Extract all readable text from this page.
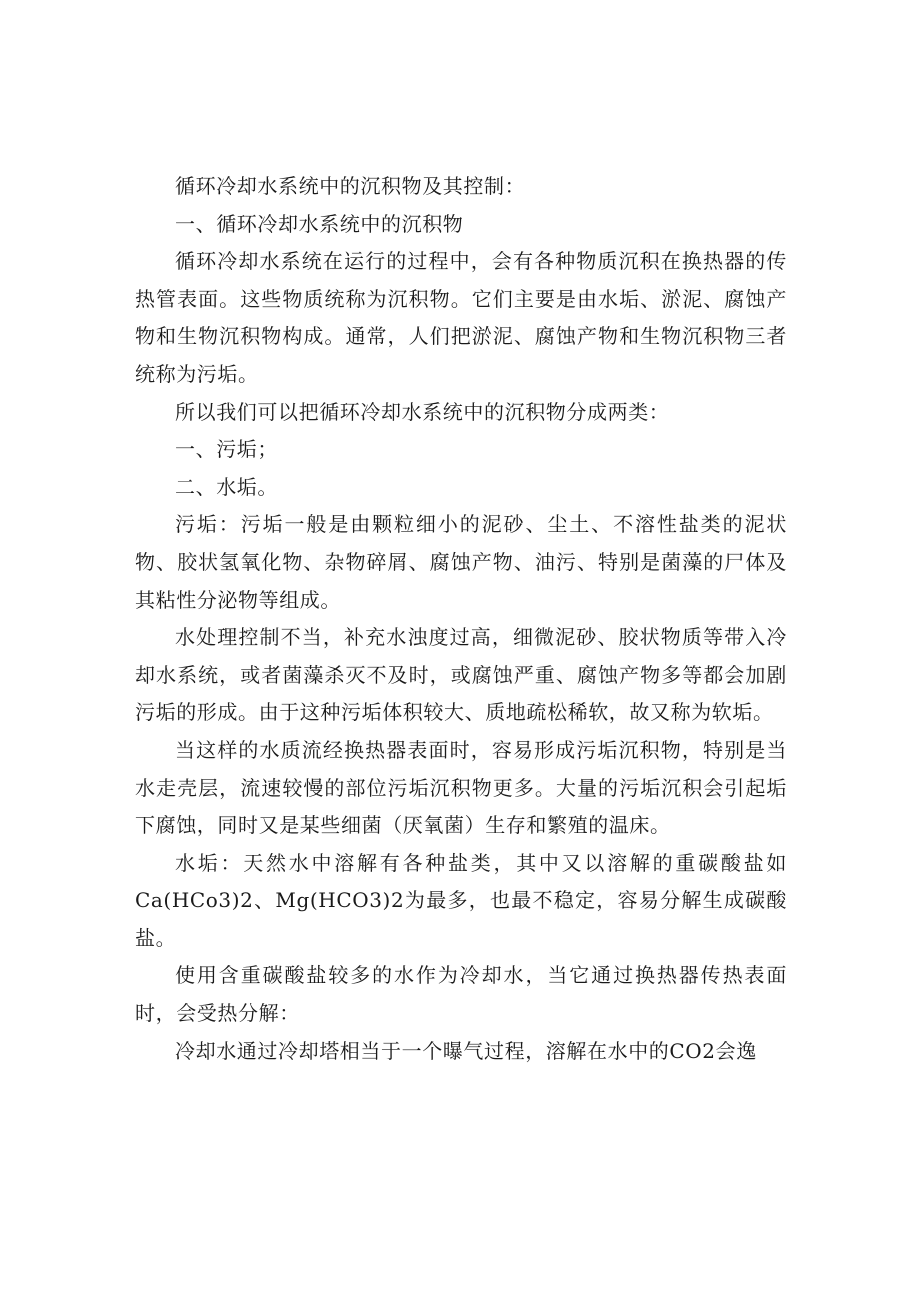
循环冷却水系统中的沉积物及其控制：

一、循环冷却水系统中的沉积物

循环冷却水系统在运行的过程中，会有各种物质沉积在换热器的传热管表面。这些物质统称为沉积物。它们主要是由水垢、淤泥、腐蚀产物和生物沉积物构成。通常，人们把淤泥、腐蚀产物和生物沉积物三者统称为污垢。

所以我们可以把循环冷却水系统中的沉积物分成两类：

一、污垢；

二、水垢。

污垢：污垢一般是由颗粒细小的泥砂、尘土、不溶性盐类的泥状物、胶状氢氧化物、杂物碎屑、腐蚀产物、油污、特别是菌藻的尸体及其粘性分泌物等组成。

水处理控制不当，补充水浊度过高，细微泥砂、胶状物质等带入冷却水系统，或者菌藻杀灭不及时，或腐蚀严重、腐蚀产物多等都会加剧污垢的形成。由于这种污垢体积较大、质地疏松稀软，故又称为软垢。

当这样的水质流经换热器表面时，容易形成污垢沉积物，特别是当水走壳层，流速较慢的部位污垢沉积物更多。大量的污垢沉积会引起垢下腐蚀，同时又是某些细菌（厌氧菌）生存和繁殖的温床。

水垢：天然水中溶解有各种盐类，其中又以溶解的重碳酸盐如Ca(HCo3)2、Mg(HCO3)2为最多，也最不稳定，容易分解生成碳酸盐。

使用含重碳酸盐较多的水作为冷却水，当它通过换热器传热表面时，会受热分解：

冷却水通过冷却塔相当于一个曝气过程，溶解在水中的CO2会逸
